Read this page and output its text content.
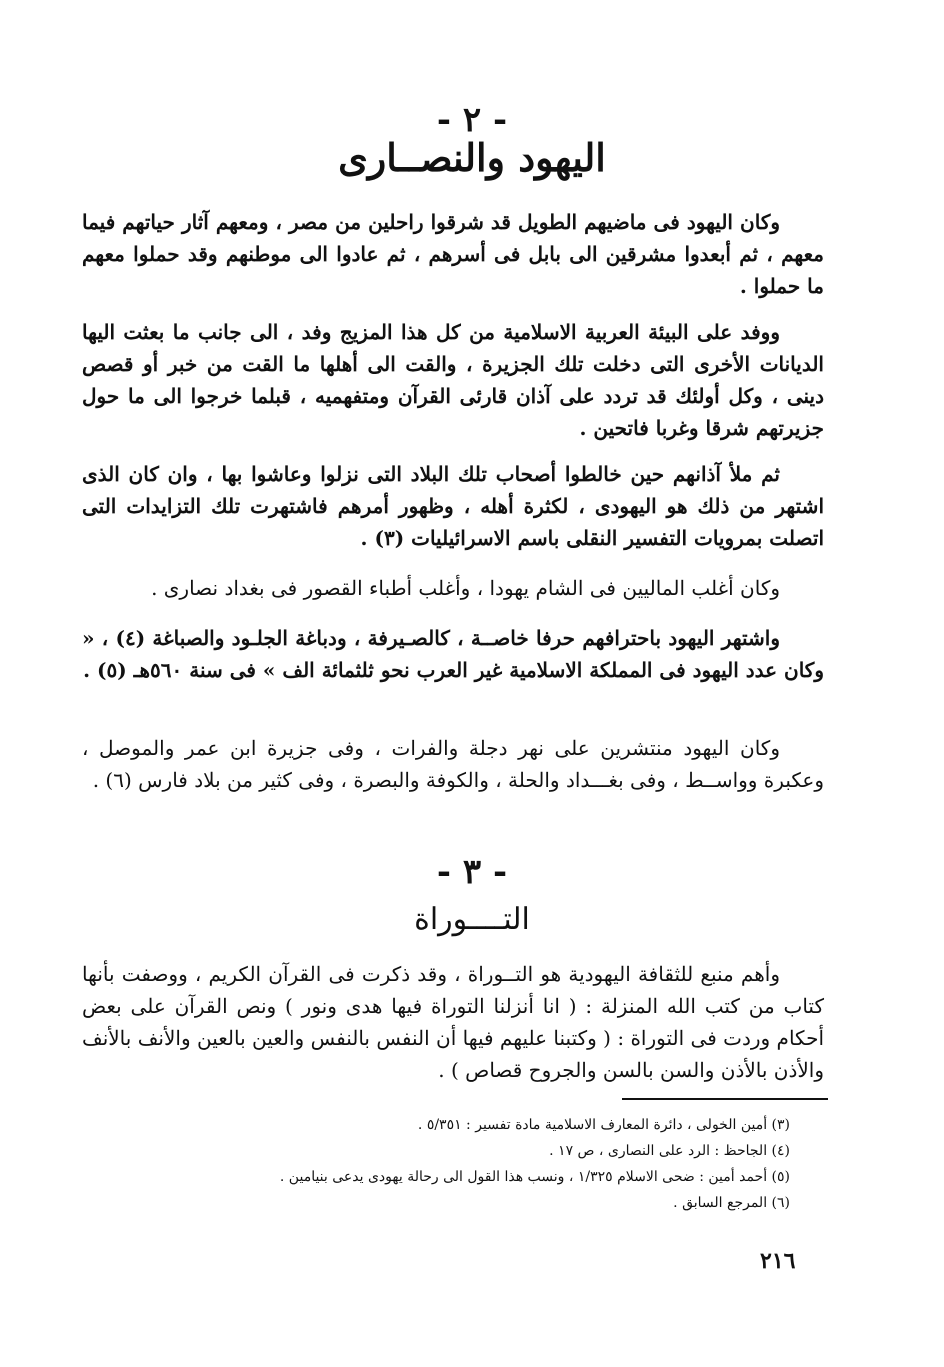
- ٢ -
اليهود والنصــارى

وكان اليهود فى ماضيهم الطويل قد شرقوا راحلين من مصر ، ومعهم آثار حياتهم فيما معهم ، ثم أبعدوا مشرقين الى بابل فى أسرهم ، ثم عادوا الى موطنهم وقد حملوا معهم ما حملوا .

ووفد على البيئة العربية الاسلامية من كل هذا المزيج وفد ، الى جانب ما بعثت اليها الديانات الأخرى التى دخلت تلك الجزيرة ، والقت الى أهلها ما القت من خبر أو قصص دينى ، وكل أولئك قد تردد على آذان قارئى القرآن ومتفهميه ، قبلما خرجوا الى ما حول جزيرتهم شرقا وغربا فاتحين .

ثم ملأ آذانهم حين خالطوا أصحاب تلك البلاد التى نزلوا وعاشوا بها ، وان كان الذى اشتهر من ذلك هو اليهودى ، لكثرة أهله ، وظهور أمرهم فاشتهرت تلك التزايدات التى اتصلت بمرويات التفسير النقلى باسم الاسرائيليات (٣) .

وكان أغلب الماليين فى الشام يهودا ، وأغلب أطباء القصور فى بغداد نصارى .

واشتهر اليهود باحترافهم حرفا خاصــة ، كالصـيرفة ، ودباغة الجلـود والصباغة (٤) ، « وكان عدد اليهود فى المملكة الاسلامية غير العرب نحو ثلثمائة الف » فى سنة ٥٦٠هـ (٥) .

وكان اليهود منتشرين على نهر دجلة والفرات ، وفى جزيرة ابن عمر والموصل ، وعكبرة وواســط ، وفى بغـــداد والحلة ، والكوفة والبصرة ، وفى كثير من بلاد فارس (٦) .

- ٣ -
التــــوراة

وأهم منبع للثقافة اليهودية هو التــوراة ، وقد ذكرت فى القرآن الكريم ، ووصفت بأنها كتاب من كتب الله المنزلة : ( انا أنزلنا التوراة فيها هدى ونور ) ونص القرآن على بعض أحكام وردت فى التوراة : ( وكتبنا عليهم فيها أن النفس بالنفس والعين بالعين والأنف بالأنف والأذن بالأذن والسن بالسن والجروح قصاص ) .

(٣) أمين الخولى ، دائرة المعارف الاسلامية مادة تفسير : ٥/٣٥١ .
(٤) الجاحظ : الرد على النصارى ، ص ١٧ .
(٥) أحمد أمين : ضحى الاسلام ١/٣٢٥ ، ونسب هذا القول الى رحالة يهودى يدعى بنيامين .
(٦) المرجع السابق .
٢١٦
